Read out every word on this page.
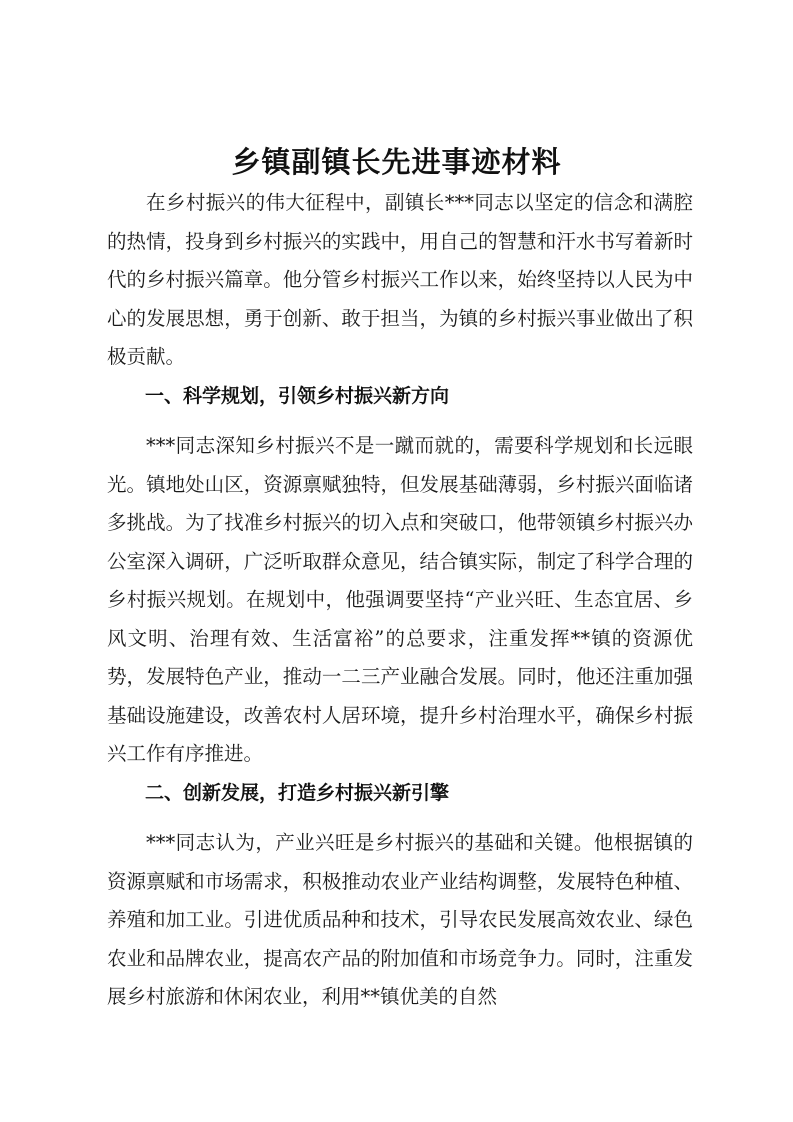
乡镇副镇长先进事迹材料

在乡村振兴的伟大征程中，副镇长***同志以坚定的信念和满腔的热情，投身到乡村振兴的实践中，用自己的智慧和汗水书写着新时代的乡村振兴篇章。他分管乡村振兴工作以来，始终坚持以人民为中心的发展思想，勇于创新、敢于担当，为镇的乡村振兴事业做出了积极贡献。

一、科学规划，引领乡村振兴新方向

***同志深知乡村振兴不是一蹴而就的，需要科学规划和长远眼光。镇地处山区，资源禀赋独特，但发展基础薄弱，乡村振兴面临诸多挑战。为了找准乡村振兴的切入点和突破口，他带领镇乡村振兴办公室深入调研，广泛听取群众意见，结合镇实际，制定了科学合理的乡村振兴规划。在规划中，他强调要坚持“产业兴旺、生态宜居、乡风文明、治理有效、生活富裕”的总要求，注重发挥**镇的资源优势，发展特色产业，推动一二三产业融合发展。同时，他还注重加强基础设施建设，改善农村人居环境，提升乡村治理水平，确保乡村振兴工作有序推进。

二、创新发展，打造乡村振兴新引擎

***同志认为，产业兴旺是乡村振兴的基础和关键。他根据镇的资源禀赋和市场需求，积极推动农业产业结构调整，发展特色种植、养殖和加工业。引进优质品种和技术，引导农民发展高效农业、绿色农业和品牌农业，提高农产品的附加值和市场竞争力。同时，注重发展乡村旅游和休闲农业，利用**镇优美的自然
